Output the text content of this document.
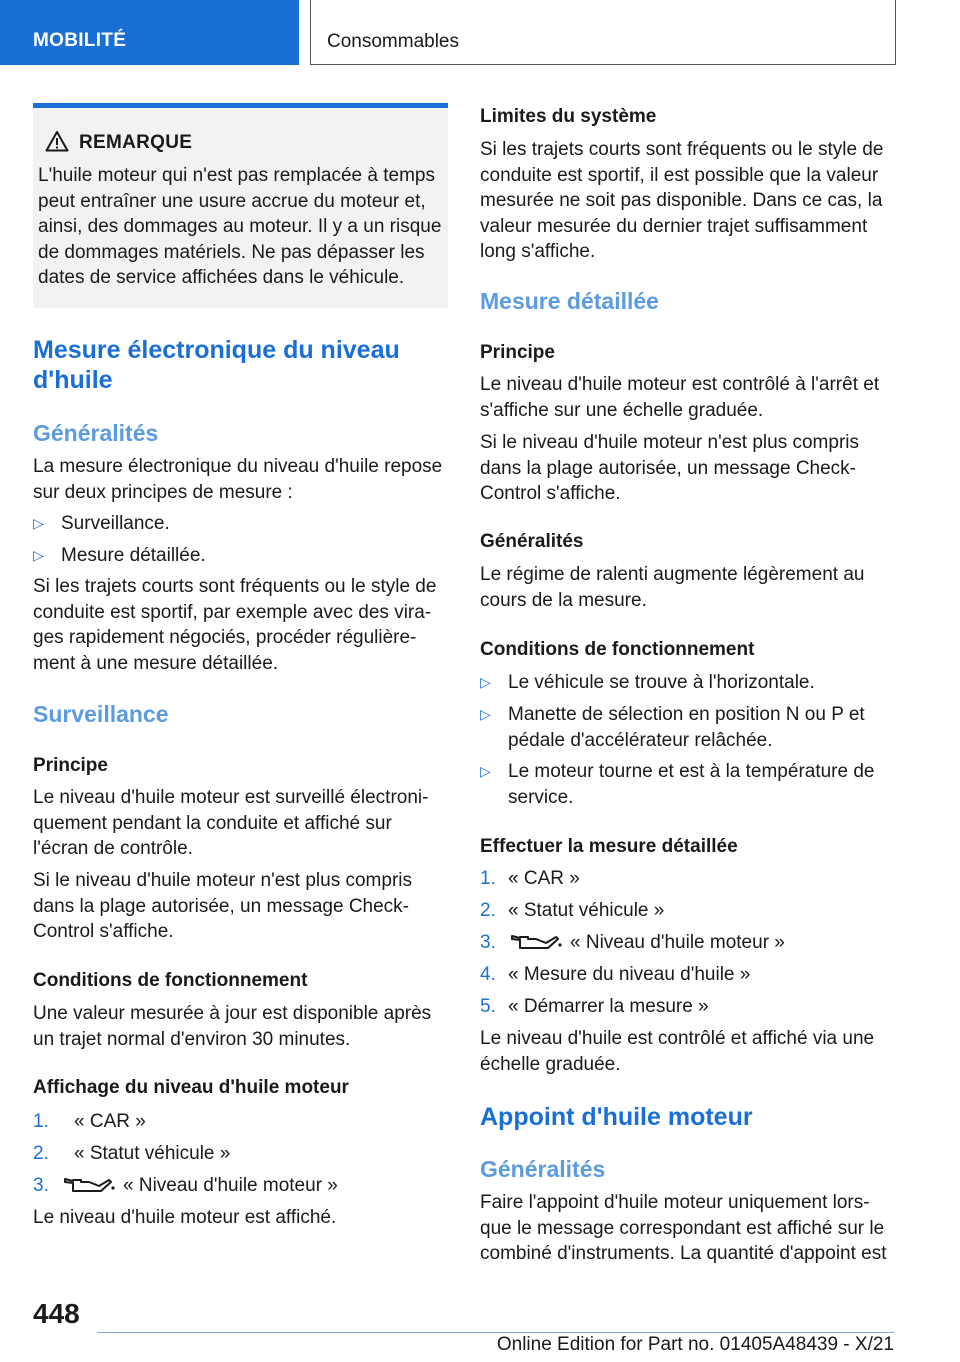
MOBILITÉ	Consommables
REMARQUE
L'huile moteur qui n'est pas remplacée à temps peut entraîner une usure accrue du moteur et, ainsi, des dommages au moteur. Il y a un risque de dommages matériels. Ne pas dépasser les dates de service affichées dans le véhicule.
Mesure électronique du niveau d'huile
Généralités
La mesure électronique du niveau d'huile repose sur deux principes de mesure :
▷ Surveillance.
▷ Mesure détaillée.
Si les trajets courts sont fréquents ou le style de conduite est sportif, par exemple avec des vira- ges rapidement négociés, procéder régulière- ment à une mesure détaillée.
Surveillance
Principe
Le niveau d'huile moteur est surveillé électroni- quement pendant la conduite et affiché sur l'écran de contrôle.
Si le niveau d'huile moteur n'est plus compris dans la plage autorisée, un message Check- Control s'affiche.
Conditions de fonctionnement
Une valeur mesurée à jour est disponible après un trajet normal d'environ 30 minutes.
Affichage du niveau d'huile moteur
1. « CAR »
2. « Statut véhicule »
3.	« Niveau d'huile moteur »
Le niveau d'huile moteur est affiché.
Limites du système
Si les trajets courts sont fréquents ou le style de conduite est sportif, il est possible que la valeur mesurée ne soit pas disponible. Dans ce cas, la valeur mesurée du dernier trajet suffisamment long s'affiche.
Mesure détaillée
Principe
Le niveau d'huile moteur est contrôlé à l'arrêt et s'affiche sur une échelle graduée.
Si le niveau d'huile moteur n'est plus compris dans la plage autorisée, un message Check- Control s'affiche.
Généralités
Le régime de ralenti augmente légèrement au cours de la mesure.
Conditions de fonctionnement
▷ Le véhicule se trouve à l'horizontale.
▷ Manette de sélection en position N ou P et pédale d'accélérateur relâchée.
▷ Le moteur tourne et est à la température de service.
Effectuer la mesure détaillée
1. « CAR »
2. « Statut véhicule »
3.	« Niveau d'huile moteur »
4. « Mesure du niveau d'huile »
5. « Démarrer la mesure »
Le niveau d'huile est contrôlé et affiché via une échelle graduée.
Appoint d'huile moteur
Généralités
Faire l'appoint d'huile moteur uniquement lors- que le message correspondant est affiché sur le combiné d'instruments. La quantité d'appoint est
448
Online Edition for Part no. 01405A48439 - X/21
